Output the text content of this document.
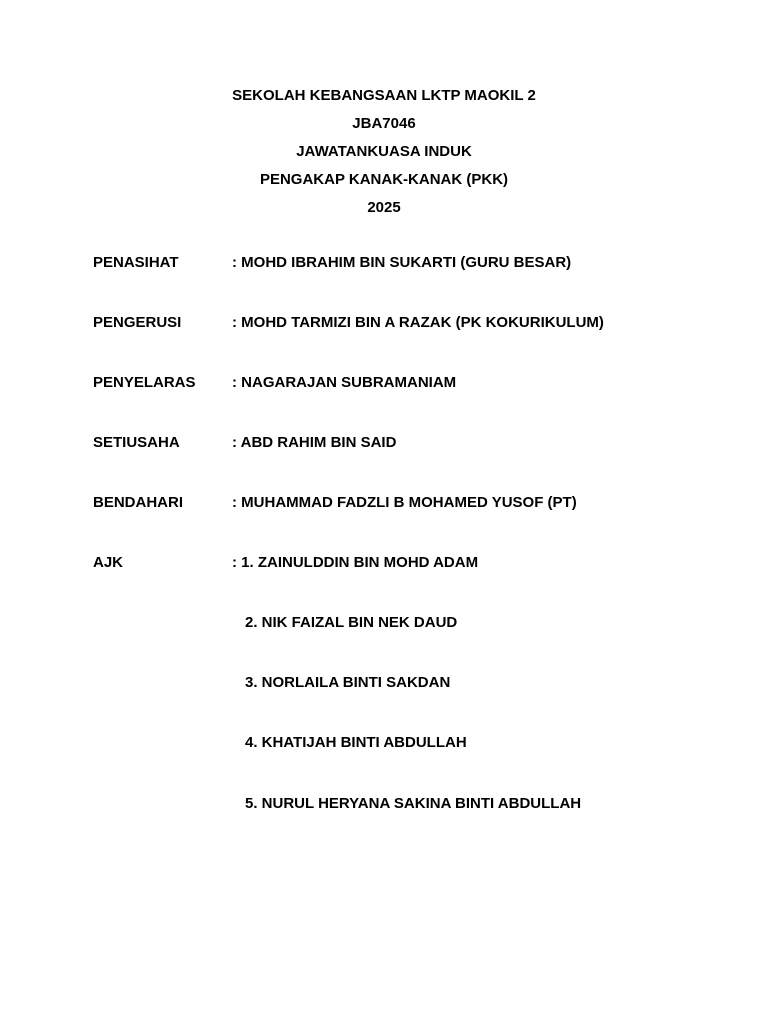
SEKOLAH KEBANGSAAN LKTP MAOKIL 2
JBA7046
JAWATANKUASA INDUK
PENGAKAP KANAK-KANAK (PKK)
2025
PENASIHAT	: MOHD IBRAHIM BIN SUKARTI (GURU BESAR)
PENGERUSI	: MOHD TARMIZI BIN A RAZAK (PK KOKURIKULUM)
PENYELARAS : NAGARAJAN SUBRAMANIAM
SETIUSAHA	: ABD RAHIM BIN SAID
BENDAHARI	: MUHAMMAD FADZLI B MOHAMED YUSOF (PT)
AJK	: 1. ZAINULDDIN BIN MOHD ADAM
2. NIK FAIZAL BIN NEK DAUD
3. NORLAILA BINTI SAKDAN
4. KHATIJAH BINTI ABDULLAH
5. NURUL HERYANA SAKINA BINTI ABDULLAH
